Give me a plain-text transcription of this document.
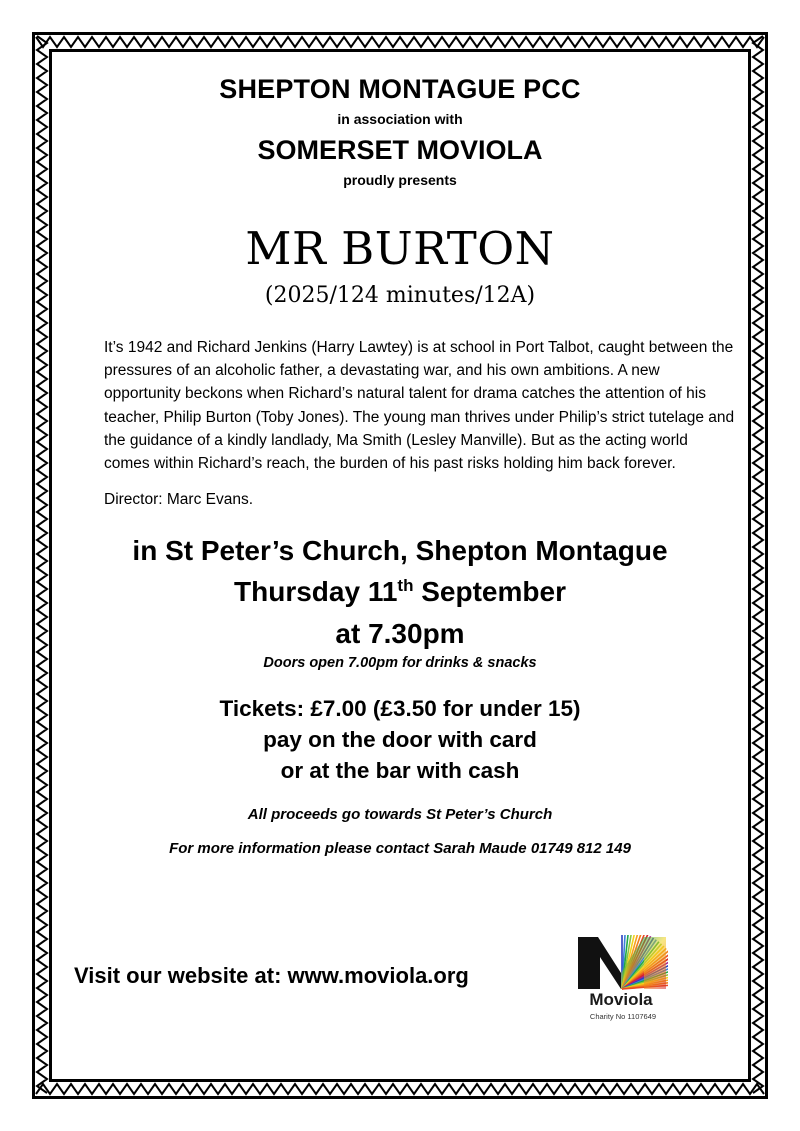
SHEPTON MONTAGUE PCC
in association with
SOMERSET MOVIOLA
proudly presents
MR BURTON
(2025/124 minutes/12A)
It’s 1942 and Richard Jenkins (Harry Lawtey) is at school in Port Talbot, caught between the pressures of an alcoholic father, a devastating war, and his own ambitions. A new opportunity beckons when Richard’s natural talent for drama catches the attention of his teacher, Philip Burton (Toby Jones). The young man thrives under Philip’s strict tutelage and the guidance of a kindly landlady, Ma Smith (Lesley Manville). But as the acting world comes within Richard’s reach, the burden of his past risks holding him back forever.
Director: Marc Evans.
in St Peter’s Church, Shepton Montague
Thursday 11th September
at 7.30pm
Doors open 7.00pm for drinks & snacks
Tickets: £7.00 (£3.50 for under 15)
pay on the door with card
or at the bar with cash
All proceeds go towards St Peter’s Church
For more information please contact Sarah Maude 01749 812 149
Visit our website at: www.moviola.org
Moviola
Charity No 1107649
